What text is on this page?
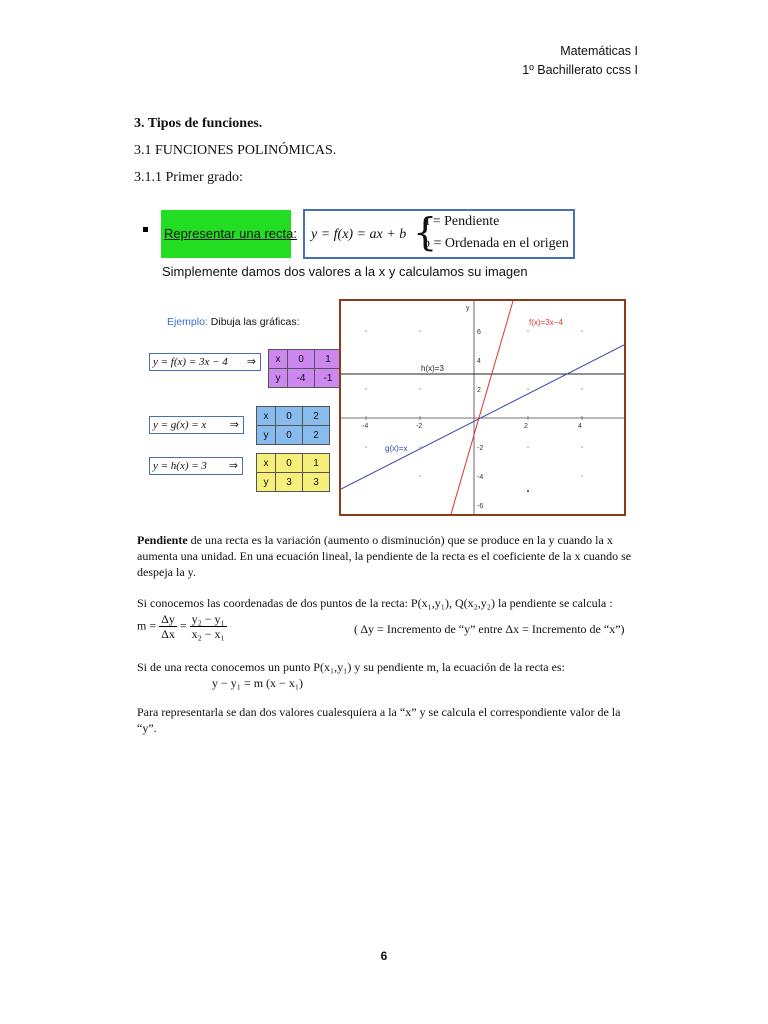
Matemáticas I
1º Bachillerato ccss I
3. Tipos de funciones.
3.1 FUNCIONES POLINÓMICAS.
3.1.1 Primer grado:
Representar una recta: y = f(x) = ax + b {
a = Pendiente
b = Ordenada en el origen
Simplemente damos dos valores a la x y calculamos su imagen
Ejemplo: Dibuja las gráficas:
y = f(x) = 3x − 4 ⇒ x	0	1
y	-4	-1
y = g(x) = x ⇒
x	0	2
y	0	2
y = h(x) = 3 ⇒	x	0	1
y	3	3
-4	-2	2	4
6
4
2
-2
-4
-6
f(x)=3x−4
h(x)=3
g(x)=x
y
Pendiente de una recta es la variación (aumento o disminución) que se produce en la y cuando la x aumenta una unidad. En una ecuación lineal, la pendiente de la recta es el coeficiente de la x cuando se despeja la y.
Si conocemos las coordenadas de dos puntos de la recta: P(x₁,y₁), Q(x₂,y₂) la pendiente se calcula :
$m = \frac{\Delta y}{\Delta x} = \frac{\text{y₂ − y₁}}{\text{x₂ − x₁}}$	( Δy = Incremento de “y” entre Δx = Incremento de “x”)
Si de una recta conocemos un punto P(x₁,y₁) y su pendiente m, la ecuación de la recta es:
y − y₁ = m (x − x₁)
Para representarla se dan dos valores cualesquiera a la “x” y se calcula el correspondiente valor de la “y”.
6
